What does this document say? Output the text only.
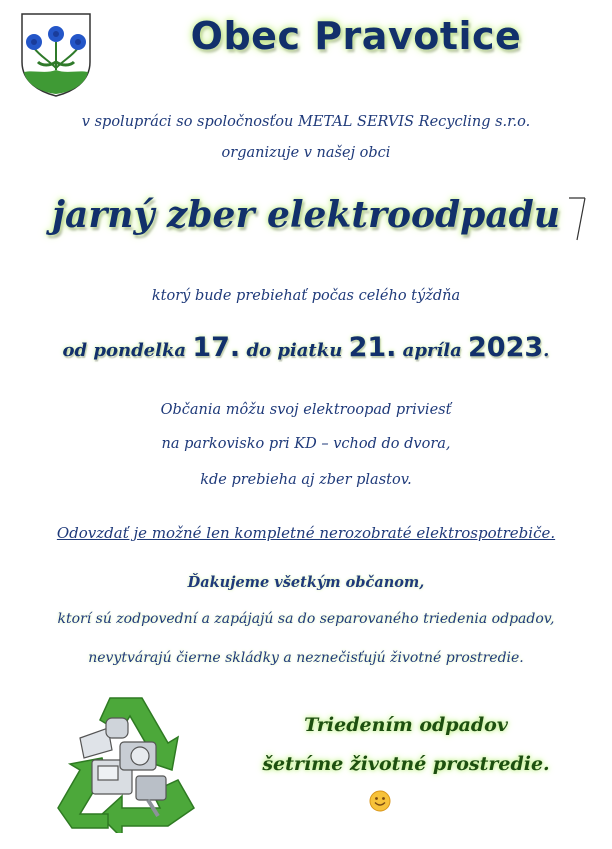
Obec Pravotice
v spolupráci so spoločnosťou METAL SERVIS Recycling s.r.o.
organizuje v našej obci
jarný zber elektroodpadu
ktorý bude prebiehať počas celého týždňa
od pondelka 17. do piatku 21. apríla 2023.
Občania môžu svoj elektroopad priviesť
na parkovisko pri KD – vchod do dvora,
kde prebieha aj zber plastov.
Odovzdať je možné len kompletné nerozobraté elektrospotrebiče.
Ďakujeme všetkým občanom,
ktorí sú zodpovední a zapájajú sa do separovaného triedenia odpadov,
nevytvárajú čierne skládky a neznečisťujú životné prostredie.
Triedením odpadov
šetríme životné prostredie.
